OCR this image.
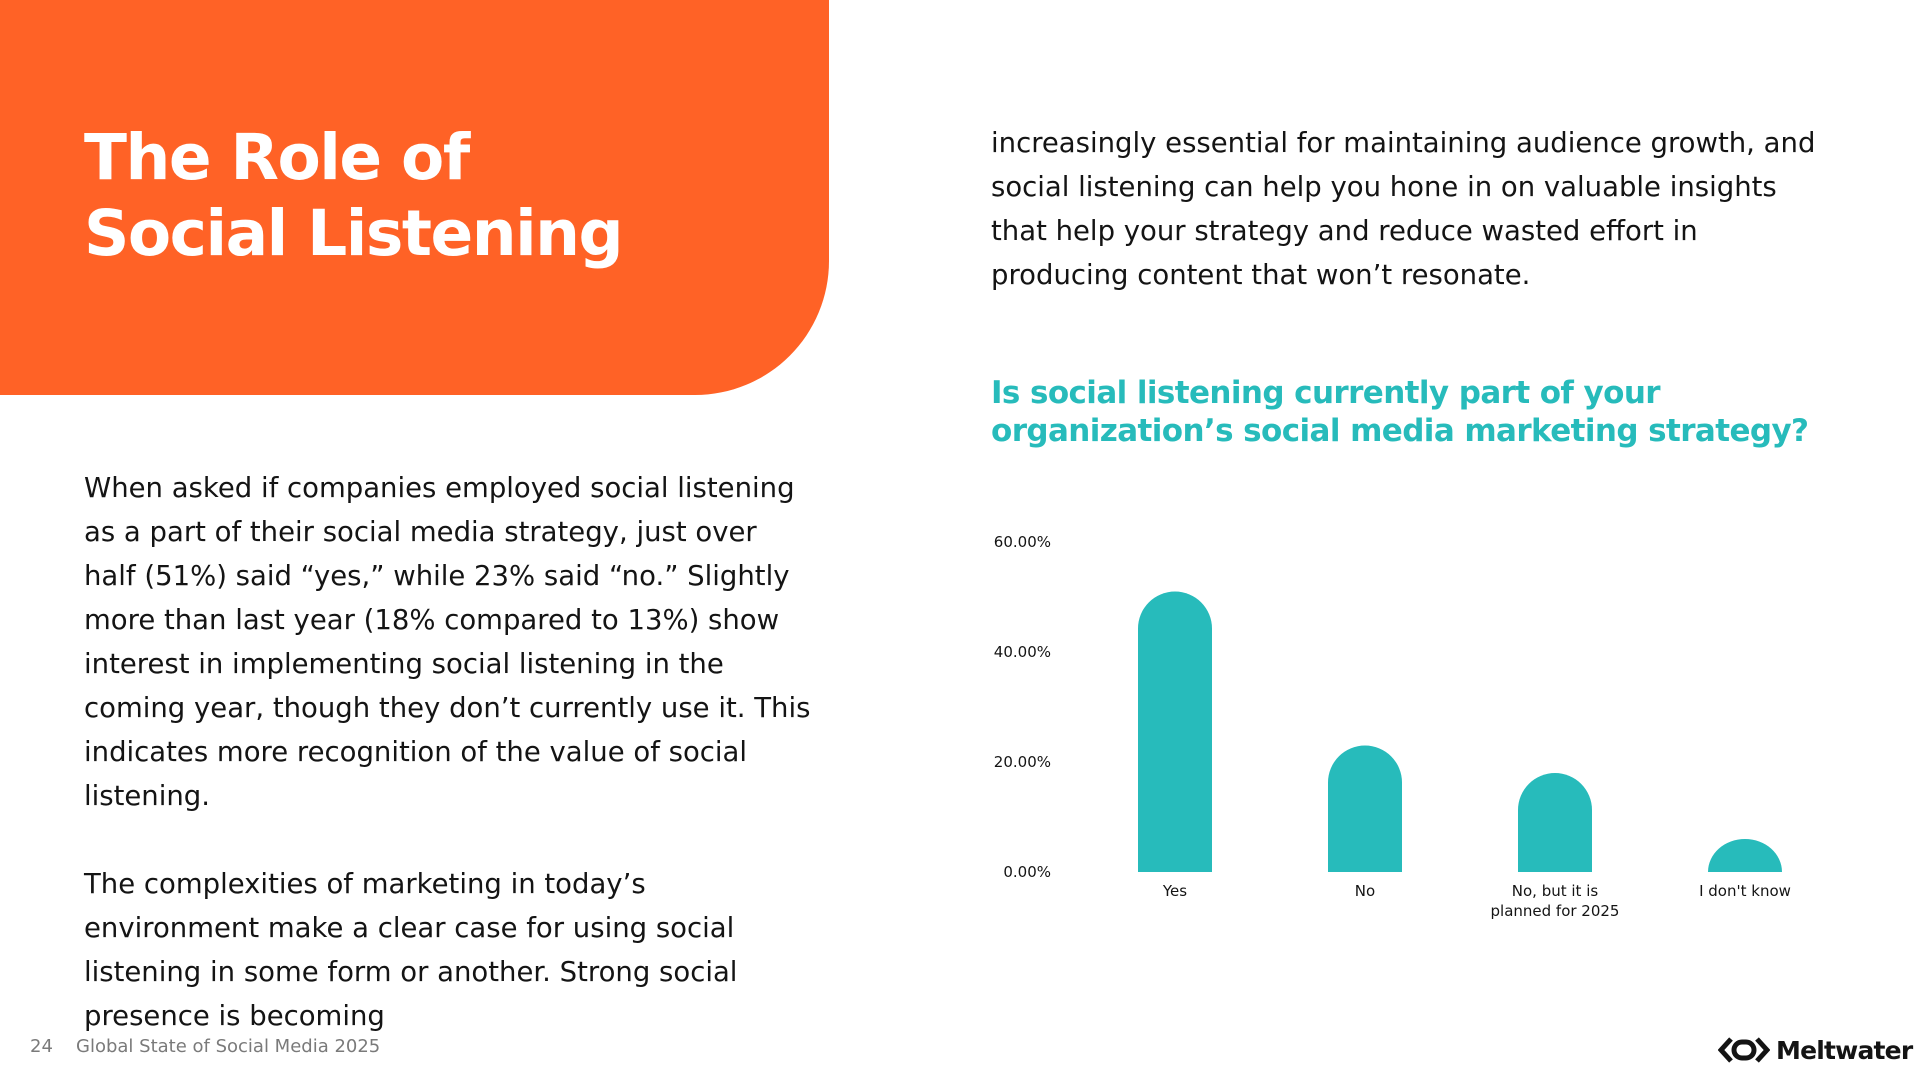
The Role of
Social Listening

When asked if companies employed social listening as a part of their social media strategy, just over half (51%) said “yes,” while 23% said “no.” Slightly more than last year (18% compared to 13%) show interest in implementing social listening in the coming year, though they don’t currently use it. This indicates more recognition of the value of social listening.

The complexities of marketing in today’s environment make a clear case for using social listening in some form or another. Strong social presence is becoming

increasingly essential for maintaining audience growth, and social listening can help you hone in on valuable insights that help your strategy and reduce wasted effort in producing content that won’t resonate.

Is social listening currently part of your organization’s social media marketing strategy?
0.00%
20.00%
40.00%
60.00%
Yes	No	No, but it is planned for 2025
I don't know
24 Global State of Social Media 2025	Meltwater
